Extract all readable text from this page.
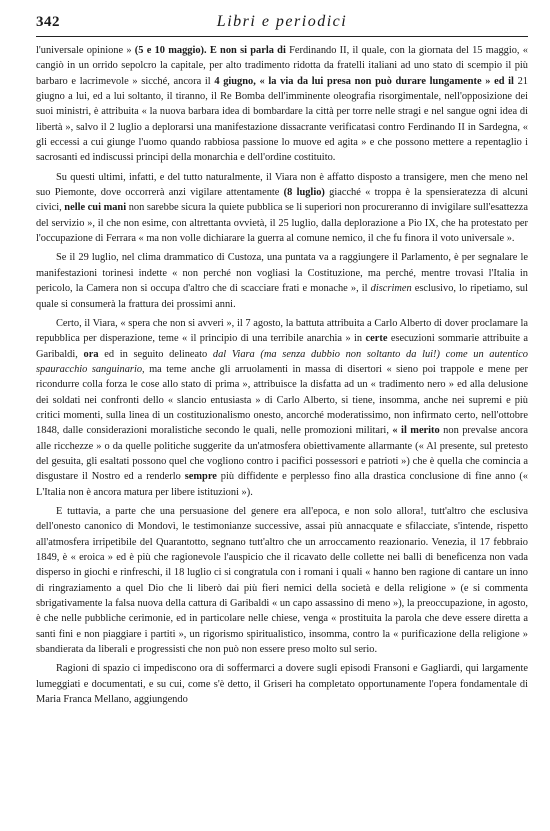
342	Libri e periodici

l'universale opinione » (5 e 10 maggio). E non si parla di Ferdinando II, il quale, con la giornata del 15 maggio, « cangiò in un orrido sepolcro la capitale, per alto tradimento ridotta da fratelli italiani ad uno stato di scempio il più barbaro e lacrimevole » sicché, ancora il 4 giugno, « la via da lui presa non può durare lungamente » ed il 21 giugno a lui, ed a lui soltanto, il tiranno, il Re Bomba dell'imminente oleografia risorgimentale, nell'opposizione dei suoi ministri, è attribuita « la nuova barbara idea di bombardare la città per torre nelle stragi e nel sangue ogni idea di libertà », salvo il 2 luglio a deplorarsi una manifestazione dissacrante verificatasi contro Ferdinando II in Sardegna, « gli eccessi a cui giunge l'uomo quando rabbiosa passione lo muove ed agita » e che possono mettere a repentaglio i sacrosanti ed indiscussi principi della monarchia e dell'ordine costituito.

Su questi ultimi, infatti, e del tutto naturalmente, il Viara non è affatto disposto a transigere, men che meno nel suo Piemonte, dove occorrerà anzi vigilare attentamente (8 luglio) giacché « troppa è la spensieratezza di alcuni civici, nelle cui mani non sarebbe sicura la quiete pubblica se li superiori non procureranno di invigilare sull'esattezza del servizio », il che non esime, con altrettanta ovvietà, il 25 luglio, dalla deplorazione a Pio IX, che ha protestato per l'occupazione di Ferrara « ma non volle dichiarare la guerra al comune nemico, il che fu finora il voto universale ».

Se il 29 luglio, nel clima drammatico di Custoza, una puntata va a raggiungere il Parlamento, è per segnalare le manifestazioni torinesi indette « non perché non vogliasi la Costituzione, ma perché, mentre trovasi l'Italia in pericolo, la Camera non si occupa d'altro che di scacciare frati e monache », il discrimen esclusivo, lo ripetiamo, sul quale si consumerà la frattura dei prossimi anni.

Certo, il Viara, « spera che non si avveri », il 7 agosto, la battuta attribuita a Carlo Alberto di dover proclamare la repubblica per disperazione, teme « il principio di una terribile anarchia » in certe esecuzioni sommarie attribuite a Garibaldi, ora ed in seguito delineato dal Viara (ma senza dubbio non soltanto da lui!) come un autentico spauracchio sanguinario, ma teme anche gli arruolamenti in massa di disertori « sieno poi trappole e mene per ricondurre colla forza le cose allo stato di prima », attribuisce la disfatta ad un « tradimento nero » ed alla delusione dei soldati nei confronti dello « slancio entusiasta » di Carlo Alberto, si tiene, insomma, anche nei supremi e più critici momenti, sulla linea di un costituzionalismo onesto, ancorché moderatissimo, non infirmato certo, nell'ottobre 1848, dalle considerazioni moralistiche secondo le quali, nelle promozioni militari, « il merito non prevalse ancora alle ricchezze » o da quelle politiche suggerite da un'atmosfera obiettivamente allarmante (« Al presente, sul pretesto del gesuita, gli esaltati possono quel che vogliono contro i pacifici possessori e patrioti ») che è quella che comincia a disgustare il Nostro ed a renderlo sempre più diffidente e perplesso fino alla drastica conclusione di fine anno (« L'Italia non è ancora matura per libere istituzioni »).

E tuttavia, a parte che una persuasione del genere era all'epoca, e non solo allora!, tutt'altro che esclusiva dell'onesto canonico di Mondovì, le testimonianze successive, assai più annacquate e sfilacciate, s'intende, rispetto all'atmosfera irripetibile del Quarantotto, segnano tutt'altro che un arroccamento reazionario. Venezia, il 17 febbraio 1849, è « eroica » ed è più che ragionevole l'auspicio che il ricavato delle collette nei balli di beneficenza non vada disperso in giochi e rinfreschi, il 18 luglio ci si congratula con i romani i quali « hanno ben ragione di cantare un inno di ringraziamento a quel Dio che li liberò dai più fieri nemici della società e della religione » (e si commenta sbrigativamente la falsa nuova della cattura di Garibaldi « un capo assassino di meno »), la preoccupazione, in agosto, è che nelle pubbliche cerimonie, ed in particolare nelle chiese, venga « prostituita la parola che deve essere diretta a santi fini e non piaggiare i partiti », un rigorismo spiritualistico, insomma, contro la « purificazione della religione » sbandierata da liberali e progressisti che non può non essere preso molto sul serio.

Ragioni di spazio ci impediscono ora di soffermarci a dovere sugli episodi Fransoni e Gagliardi, qui largamente lumeggiati e documentati, e su cui, come s'è detto, il Griseri ha completato opportunamente l'opera fondamentale di Maria Franca Mellano, aggiungendo
